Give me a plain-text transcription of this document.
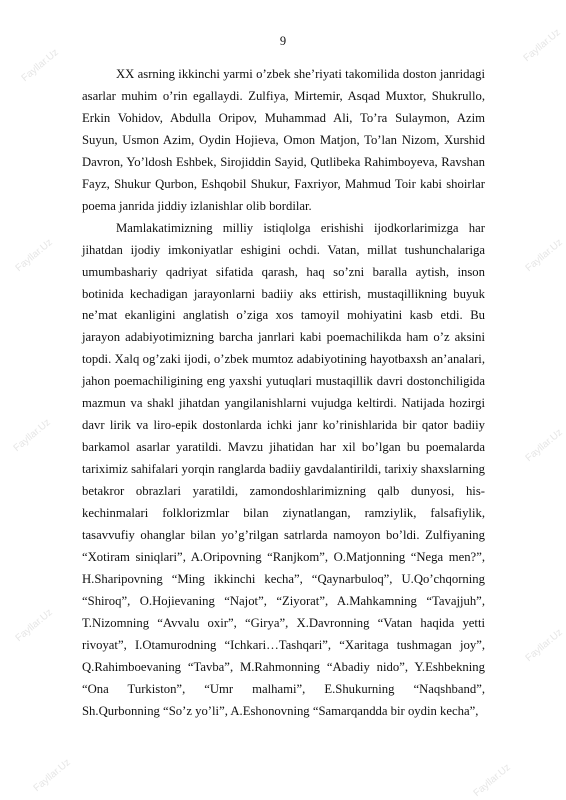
Fayllar.Uz
Fayllar.Uz
Fayllar.Uz	Fayllar.Uz
Fayllar.Uz	Fayllar.Uz
Fayllar.Uz
Fayllar.Uz
Fayllar.Uz	Fayllar.Uz
9

XX asrning ikkinchi yarmi o’zbek she’riyati takomilida doston janridagi asarlar muhim o’rin egallaydi. Zulfiya, Mirtemir, Asqad Muxtor, Shukrullo, Erkin Vohidov, Abdulla Oripov, Muhammad Ali, To’ra Sulaymon, Azim Suyun, Usmon Azim, Oydin Hojieva, Omon Matjon, To’lan Nizom, Xurshid Davron, Yo’ldosh Eshbek, Sirojiddin Sayid, Qutlibeka Rahimboyeva, Ravshan Fayz, Shukur Qurbon, Eshqobil Shukur, Faxriyor, Mahmud Toir kabi shoirlar poema janrida jiddiy izlanishlar olib bordilar.

Mamlakatimizning milliy istiqlolga erishishi ijodkorlarimizga har jihatdan ijodiy imkoniyatlar eshigini ochdi. Vatan, millat tushunchalariga umumbashariy qadriyat sifatida qarash, haq so’zni baralla aytish, inson botinida kechadigan jarayonlarni badiiy aks ettirish, mustaqillikning buyuk ne’mat ekanligini anglatish o’ziga xos tamoyil mohiyatini kasb etdi. Bu jarayon adabiyotimizning barcha janrlari kabi poemachilikda ham o’z aksini topdi. Xalq og’zaki ijodi, o’zbek mumtoz adabiyotining hayotbaxsh an’analari, jahon poemachiligining eng yaxshi yutuqlari mustaqillik davri dostonchiligida mazmun va shakl jihatdan yangilanishlarni vujudga keltirdi. Natijada hozirgi davr lirik va liro-epik dostonlarda ichki janr ko’rinishlarida bir qator badiiy barkamol asarlar yaratildi. Mavzu jihatidan har xil bo’lgan bu poemalarda tariximiz sahifalari yorqin ranglarda badiiy gavdalantirildi, tarixiy shaxslarning betakror obrazlari yaratildi, zamondoshlarimizning qalb dunyosi, his-kechinmalari folklorizmlar bilan ziynatlangan, ramziylik, falsafiylik, tasavvufiy ohanglar bilan yo’g’rilgan satrlarda namoyon bo’ldi. Zulfiyaning “Xotiram siniqlari”, A.Oripovning “Ranjkom”, O.Matjonning “Nega men?”, H.Sharipovning “Ming ikkinchi kecha”, “Qaynarbuloq”, U.Qo’chqorning “Shiroq”, O.Hojievaning “Najot”, “Ziyorat”, A.Mahkamning “Tavajjuh”, T.Nizomning “Avvalu oxir”, “Girya”, X.Davronning “Vatan haqida yetti rivoyat”, I.Otamurodning “Ichkari…Tashqari”, “Xaritaga tushmagan joy”, Q.Rahimboevaning “Tavba”, M.Rahmonning “Abadiy nido”, Y.Eshbekning “Ona Turkiston”, “Umr malhami”, E.Shukurning “Naqshband”, Sh.Qurbonning “So’z yo’li”, A.Eshonovning “Samarqandda bir oydin kecha”,
